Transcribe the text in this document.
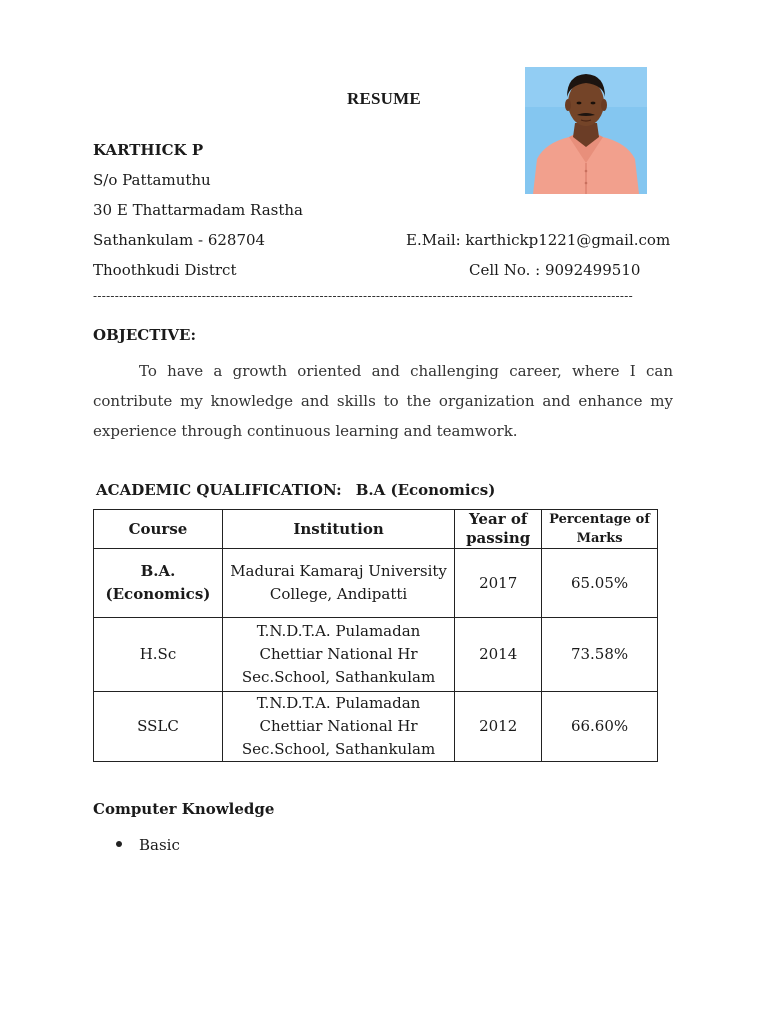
RESUME
KARTHICK P
S/o Pattamuthu
30 E Thattarmadam Rastha
Sathankulam - 628704
Thoothkudi Distrct
E.Mail: karthickp1221@gmail.com
Cell No. : 9092499510
----------------------------------------------------------------------------------------------------------------------------
OBJECTIVE:
To have a growth oriented and challenging career, where I can contribute my knowledge and skills to the organization and enhance my experience through continuous learning and teamwork.
ACADEMIC QUALIFICATION: B.A (Economics)
Course	Institution	Year of passing	Percentage of Marks
B.A. (Economics)	Madurai Kamaraj University College, Andipatti	2017	65.05%
H.Sc	T.N.D.T.A. Pulamadan Chettiar National Hr Sec.School, Sathankulam	2014	73.58%
SSLC	T.N.D.T.A. Pulamadan Chettiar National Hr Sec.School, Sathankulam	2012	66.60%
Computer Knowledge
Basic
